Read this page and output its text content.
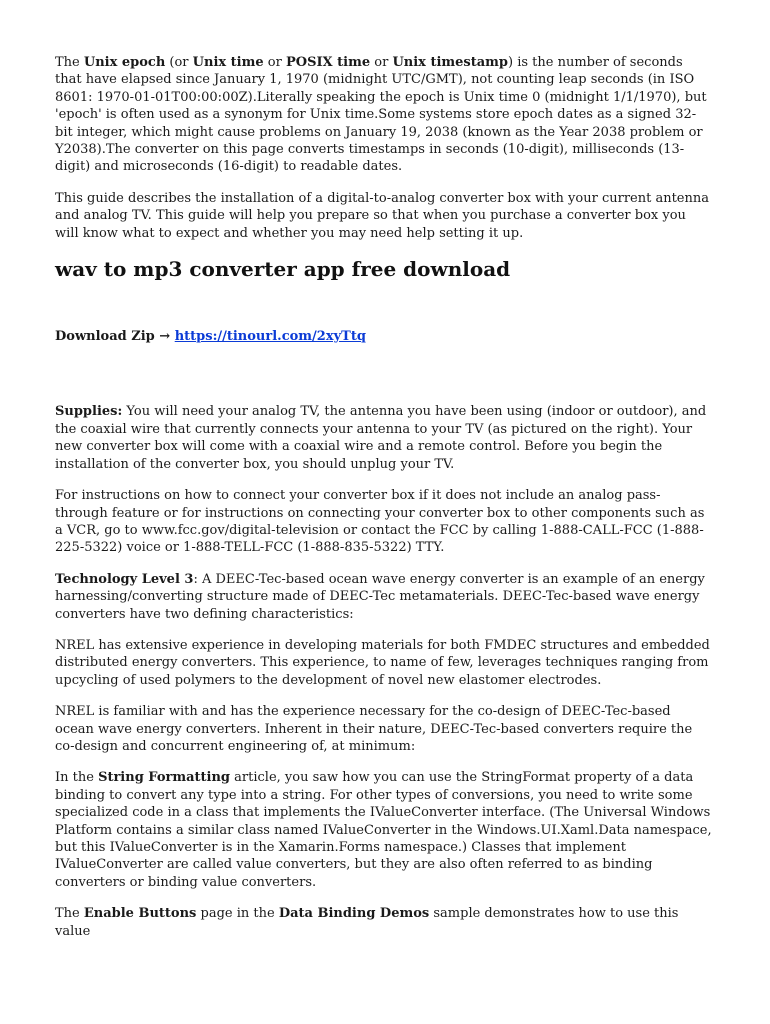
The Unix epoch (or Unix time or POSIX time or Unix timestamp) is the number of seconds that have elapsed since January 1, 1970 (midnight UTC/GMT), not counting leap seconds (in ISO 8601: 1970-01-01T00:00:00Z).Literally speaking the epoch is Unix time 0 (midnight 1/1/1970), but 'epoch' is often used as a synonym for Unix time.Some systems store epoch dates as a signed 32-bit integer, which might cause problems on January 19, 2038 (known as the Year 2038 problem or Y2038).The converter on this page converts timestamps in seconds (10-digit), milliseconds (13-digit) and microseconds (16-digit) to readable dates.

This guide describes the installation of a digital-to-analog converter box with your current antenna and analog TV. This guide will help you prepare so that when you purchase a converter box you will know what to expect and whether you may need help setting it up.

wav to mp3 converter app free download

Download Zip → https://tinourl.com/2xyTtq

Supplies: You will need your analog TV, the antenna you have been using (indoor or outdoor), and the coaxial wire that currently connects your antenna to your TV (as pictured on the right). Your new converter box will come with a coaxial wire and a remote control. Before you begin the installation of the converter box, you should unplug your TV.

For instructions on how to connect your converter box if it does not include an analog pass-through feature or for instructions on connecting your converter box to other components such as a VCR, go to www.fcc.gov/digital-television or contact the FCC by calling 1-888-CALL-FCC (1-888-225-5322) voice or 1-888-TELL-FCC (1-888-835-5322) TTY.

Technology Level 3: A DEEC-Tec-based ocean wave energy converter is an example of an energy harnessing/converting structure made of DEEC-Tec metamaterials. DEEC-Tec-based wave energy converters have two defining characteristics:

NREL has extensive experience in developing materials for both FMDEC structures and embedded distributed energy converters. This experience, to name of few, leverages techniques ranging from upcycling of used polymers to the development of novel new elastomer electrodes.

NREL is familiar with and has the experience necessary for the co-design of DEEC-Tec-based ocean wave energy converters. Inherent in their nature, DEEC-Tec-based converters require the co-design and concurrent engineering of, at minimum:

In the String Formatting article, you saw how you can use the StringFormat property of a data binding to convert any type into a string. For other types of conversions, you need to write some specialized code in a class that implements the IValueConverter interface. (The Universal Windows Platform contains a similar class named IValueConverter in the Windows.UI.Xaml.Data namespace, but this IValueConverter is in the Xamarin.Forms namespace.) Classes that implement IValueConverter are called value converters, but they are also often referred to as binding converters or binding value converters.

The Enable Buttons page in the Data Binding Demos sample demonstrates how to use this value
